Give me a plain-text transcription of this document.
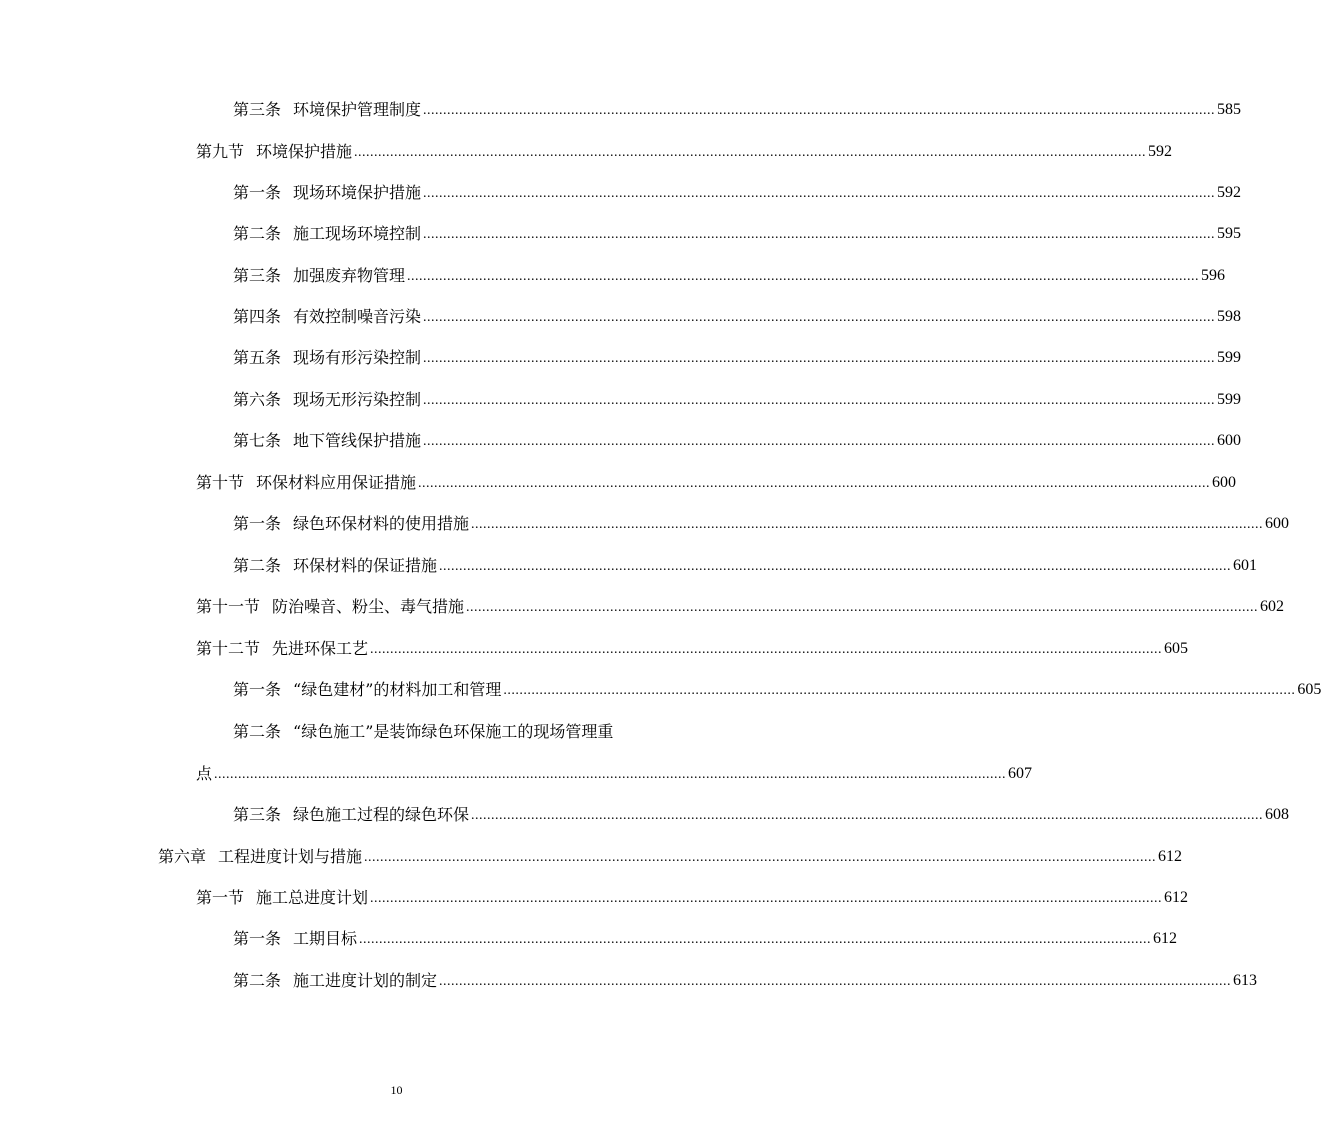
第三条 环境保护管理制度 ...................................................................................................................................................................................................... 585
第九节 环境保护措施 ...................................................................................................................................................................................................... 592
第一条 现场环境保护措施 ...................................................................................................................................................................................................... 592
第二条 施工现场环境控制 ...................................................................................................................................................................................................... 595
第三条 加强废弃物管理 ...................................................................................................................................................................................................... 596
第四条 有效控制噪音污染 ...................................................................................................................................................................................................... 598
第五条 现场有形污染控制 ...................................................................................................................................................................................................... 599
第六条 现场无形污染控制 ...................................................................................................................................................................................................... 599
第七条 地下管线保护措施 ...................................................................................................................................................................................................... 600
第十节 环保材料应用保证措施 ...................................................................................................................................................................................................... 600
第一条 绿色环保材料的使用措施 ...................................................................................................................................................................................................... 600
第二条 环保材料的保证措施 ...................................................................................................................................................................................................... 601
第十一节 防治噪音、粉尘、毒气措施 ...................................................................................................................................................................................................... 602
第十二节 先进环保工艺 ...................................................................................................................................................................................................... 605
第一条 “绿色建材”的材料加工和管理 ...................................................................................................................................................................................................... 605
第二条 “绿色施工”是装饰绿色环保施工的现场管理重
点 ...................................................................................................................................................................................................... 607
第三条 绿色施工过程的绿色环保 ...................................................................................................................................................................................................... 608
第六章 工程进度计划与措施 ...................................................................................................................................................................................................... 612
第一节 施工总进度计划 ...................................................................................................................................................................................................... 612
第一条 工期目标 ...................................................................................................................................................................................................... 612
第二条 施工进度计划的制定 ...................................................................................................................................................................................................... 613
10
